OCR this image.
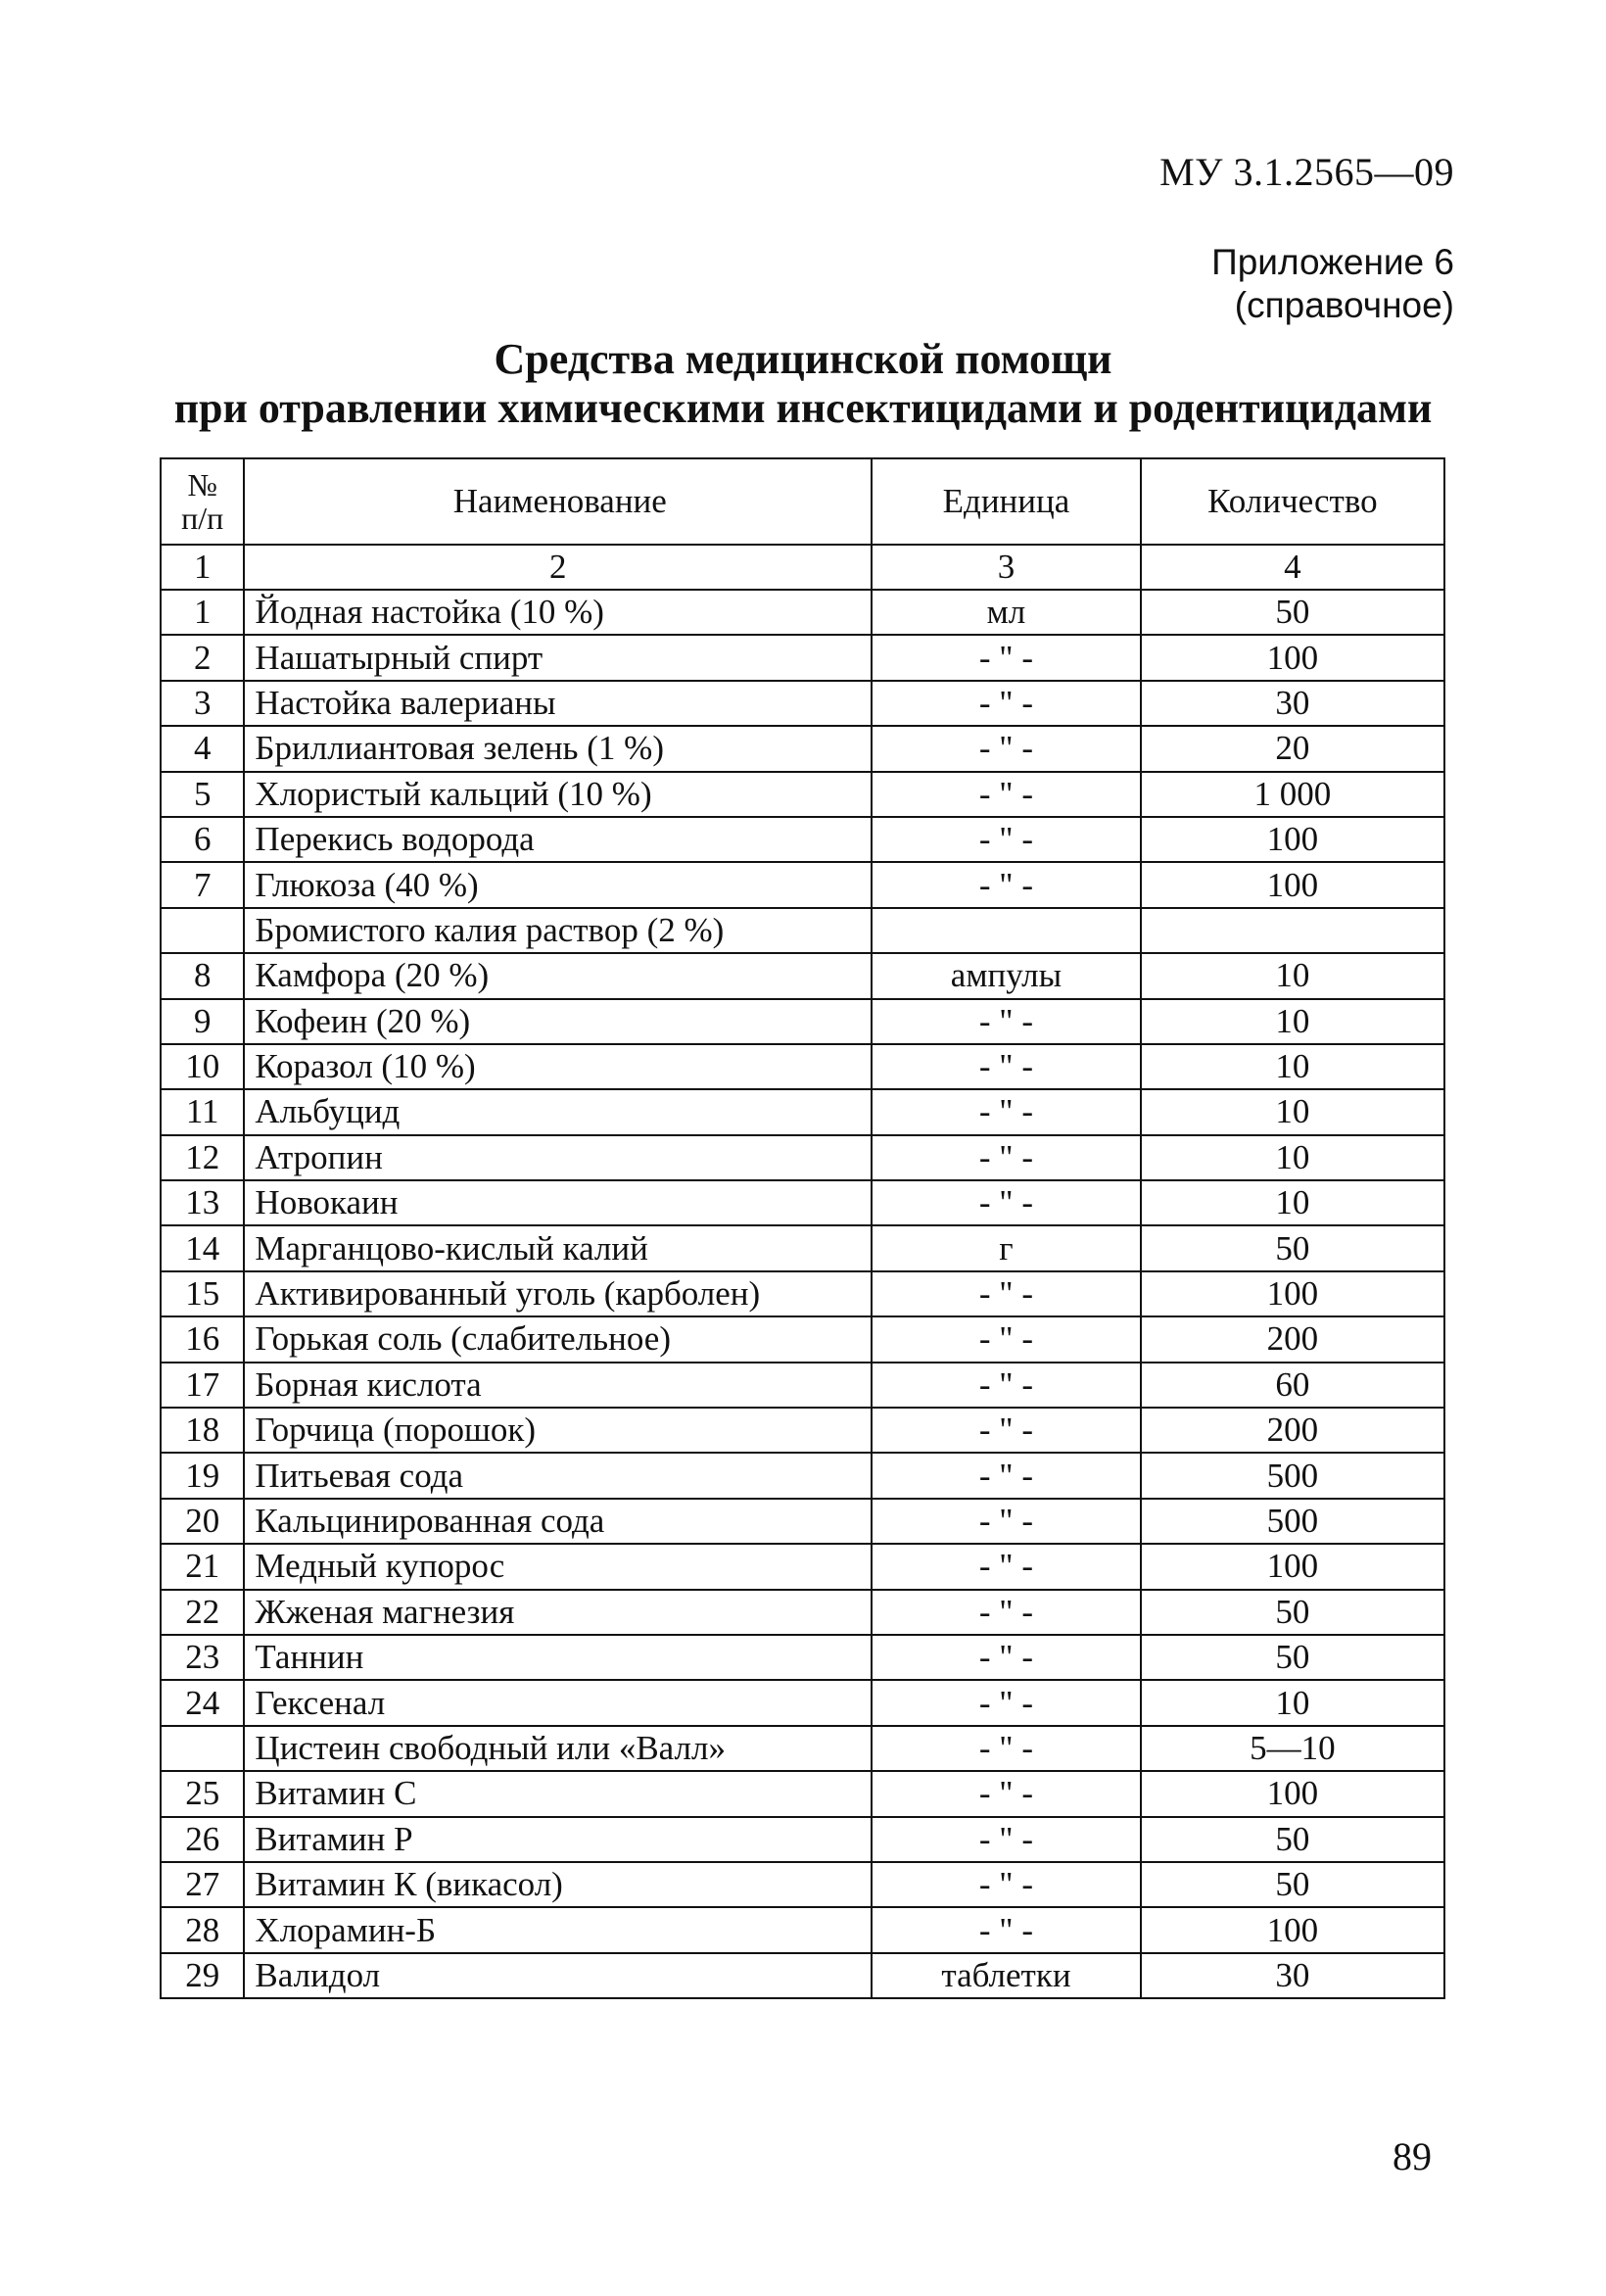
МУ 3.1.2565—09
Приложение 6
(справочное)
Средства медицинской помощи
при отравлении химическими инсектицидами и родентицидами
№
п/п	Наименование	Единица	Количество
1	2	3	4
1	Йодная настойка (10 %)	мл	50
2	Нашатырный спирт	- " -	100
3	Настойка валерианы	- " -	30
4	Бриллиантовая зелень (1 %)	- " -	20
5	Хлористый кальций (10 %)	- " -	1 000
6	Перекись водорода	- " -	100
7	Глюкоза (40 %)	- " -	100
	Бромистого калия раствор (2 %)		
8	Камфора (20 %)	ампулы	10
9	Кофеин (20 %)	- " -	10
10	Коразол (10 %)	- " -	10
11	Альбуцид	- " -	10
12	Атропин	- " -	10
13	Новокаин	- " -	10
14	Марганцово-кислый калий	г	50
15	Активированный уголь (карболен)	- " -	100
16	Горькая соль (слабительное)	- " -	200
17	Борная кислота	- " -	60
18	Горчица (порошок)	- " -	200
19	Питьевая сода	- " -	500
20	Кальцинированная сода	- " -	500
21	Медный купорос	- " -	100
22	Жженая магнезия	- " -	50
23	Таннин	- " -	50
24	Гексенал	- " -	10
	Цистеин свободный или «Валл»	- " -	5—10
25	Витамин С	- " -	100
26	Витамин Р	- " -	50
27	Витамин К (викасол)	- " -	50
28	Хлорамин-Б	- " -	100
29	Валидол	таблетки	30
89
